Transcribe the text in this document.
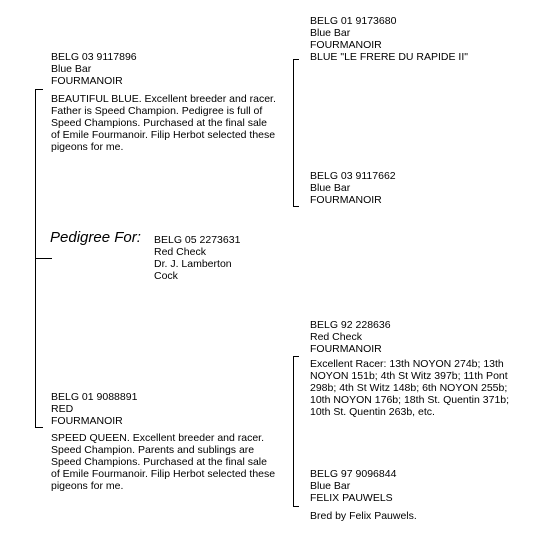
BELG 03 9117896
Blue Bar
FOURMANOIR
BEAUTIFUL BLUE. Excellent breeder and racer.
Father is Speed Champion. Pedigree is full of
Speed Champions. Purchased at the final sale
of Emile Fourmanoir. Filip Herbot selected these
pigeons for me.
Pedigree For: BELG 05 2273631
Red Check
Dr. J. Lamberton
Cock
BELG 01 9088891
RED
FOURMANOIR
SPEED QUEEN. Excellent breeder and racer.
Speed Champion. Parents and sublings are
Speed Champions. Purchased at the final sale
of Emile Fourmanoir. Filip Herbot selected these
pigeons for me.
BELG 01 9173680
Blue Bar
FOURMANOIR
BLUE "LE FRERE DU RAPIDE II"
BELG 03 9117662
Blue Bar
FOURMANOIR
BELG 92 228636
Red Check
FOURMANOIR
Excellent Racer: 13th NOYON 274b; 13th
NOYON 151b; 4th St Witz 397b; 11th Pont
298b; 4th St Witz 148b; 6th NOYON 255b;
10th NOYON 176b; 18th St. Quentin 371b;
10th St. Quentin 263b, etc.
BELG 97 9096844
Blue Bar
FELIX PAUWELS
Bred by Felix Pauwels.
